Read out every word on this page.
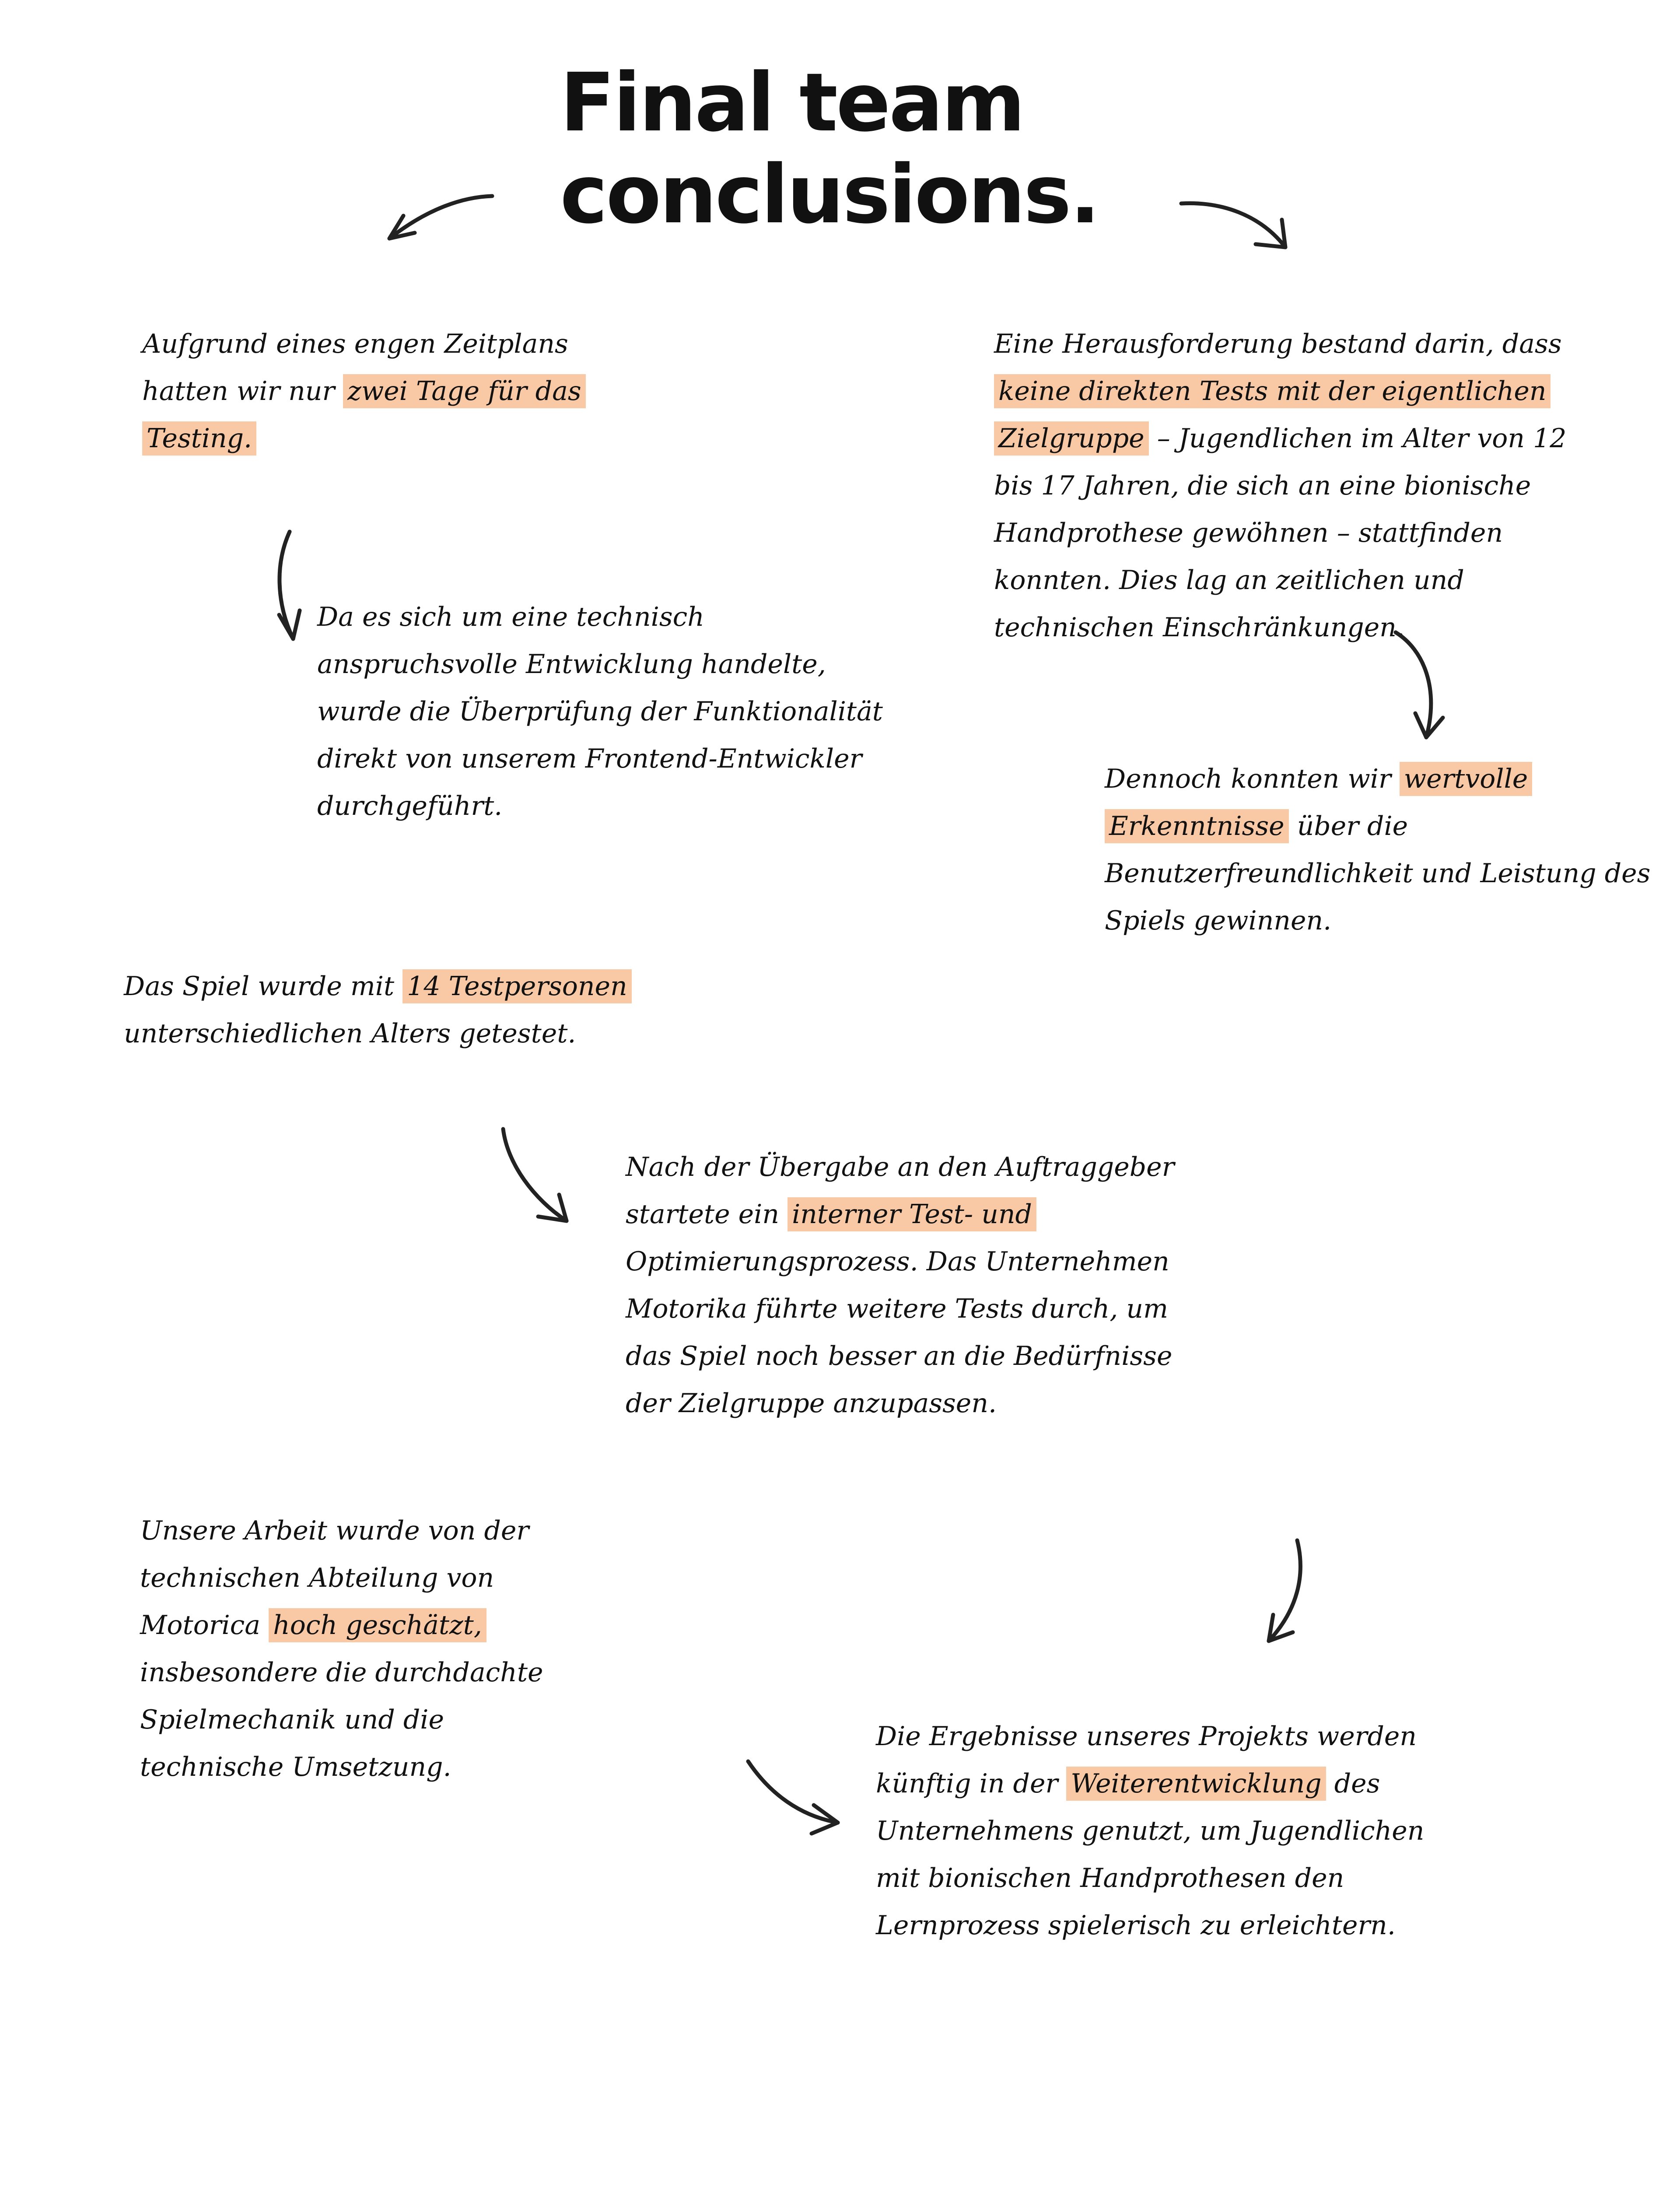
Final team
conclusions.
Aufgrund eines engen Zeitplans
hatten wir nur zwei Tage für das
Testing.
Eine Herausforderung bestand darin, dass
keine direkten Tests mit der eigentlichen
Zielgruppe – Jugendlichen im Alter von 12
bis 17 Jahren, die sich an eine bionische
Handprothese gewöhnen – stattfinden
konnten. Dies lag an zeitlichen und
technischen Einschränkungen.
Da es sich um eine technisch
anspruchsvolle Entwicklung handelte,
wurde die Überprüfung der Funktionalität
direkt von unserem Frontend-Entwickler
durchgeführt.
Dennoch konnten wir wertvolle
Erkenntnisse über die
Benutzerfreundlichkeit und Leistung des
Spiels gewinnen.
Das Spiel wurde mit 14 Testpersonen
unterschiedlichen Alters getestet.
Nach der Übergabe an den Auftraggeber
startete ein interner Test- und
Optimierungsprozess. Das Unternehmen
Motorika führte weitere Tests durch, um
das Spiel noch besser an die Bedürfnisse
der Zielgruppe anzupassen.
Unsere Arbeit wurde von der
technischen Abteilung von
Motorica hoch geschätzt,
insbesondere die durchdachte
Spielmechanik und die
technische Umsetzung.
Die Ergebnisse unseres Projekts werden
künftig in der Weiterentwicklung des
Unternehmens genutzt, um Jugendlichen
mit bionischen Handprothesen den
Lernprozess spielerisch zu erleichtern.
